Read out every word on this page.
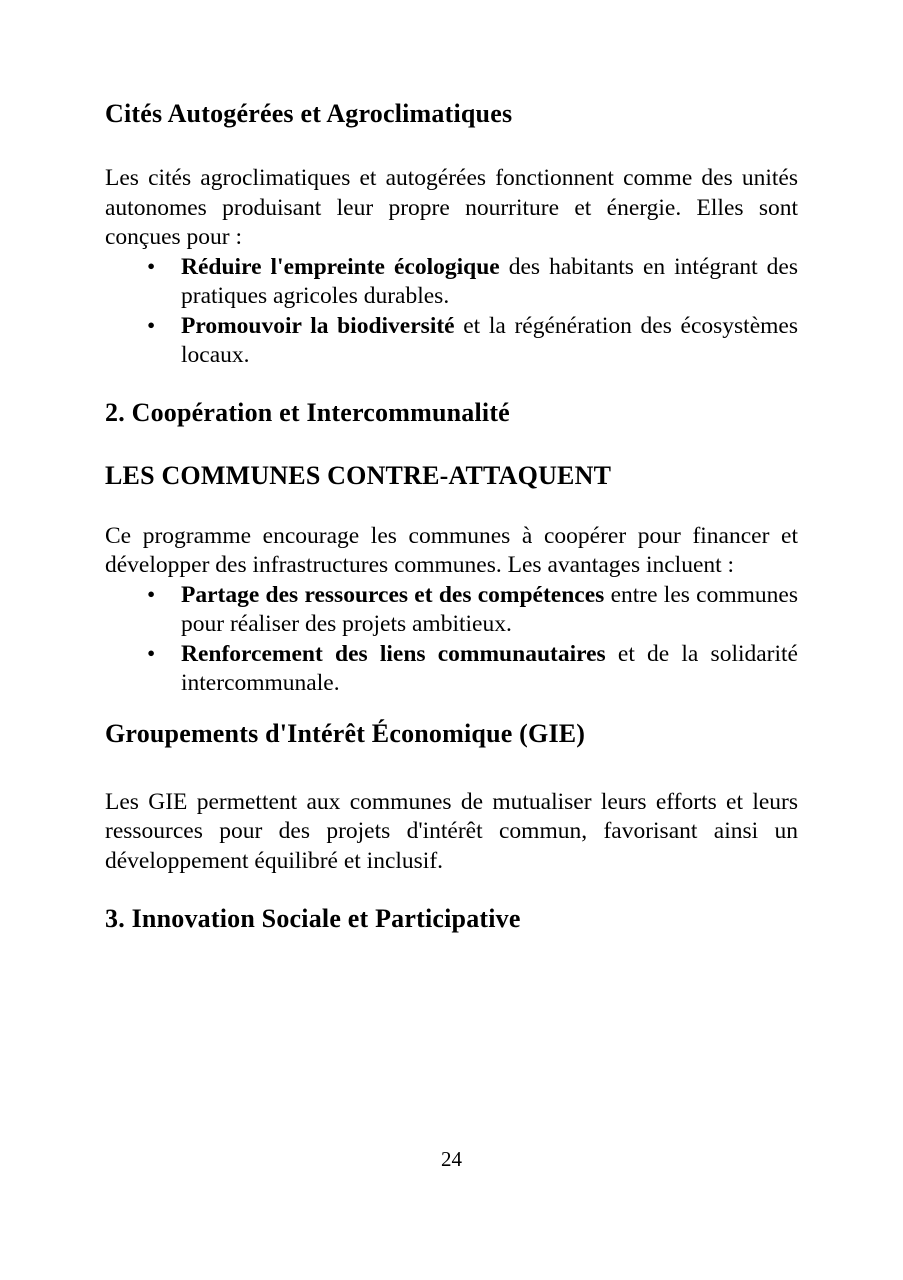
Cités Autogérées et Agroclimatiques

Les cités agroclimatiques et autogérées fonctionnent comme des unités autonomes produisant leur propre nourriture et énergie. Elles sont conçues pour :

• Réduire l'empreinte écologique des habitants en intégrant des pratiques agricoles durables.
• Promouvoir la biodiversité et la régénération des écosystèmes locaux.
2. Coopération et Intercommunalité
LES COMMUNES CONTRE-ATTAQUENT

Ce programme encourage les communes à coopérer pour financer et développer des infrastructures communes. Les avantages incluent :

• Partage des ressources et des compétences entre les communes pour réaliser des projets ambitieux.
• Renforcement des liens communautaires et de la solidarité intercommunale.
Groupements d'Intérêt Économique (GIE)

Les GIE permettent aux communes de mutualiser leurs efforts et leurs ressources pour des projets d'intérêt commun, favorisant ainsi un développement équilibré et inclusif.

3. Innovation Sociale et Participative
24
